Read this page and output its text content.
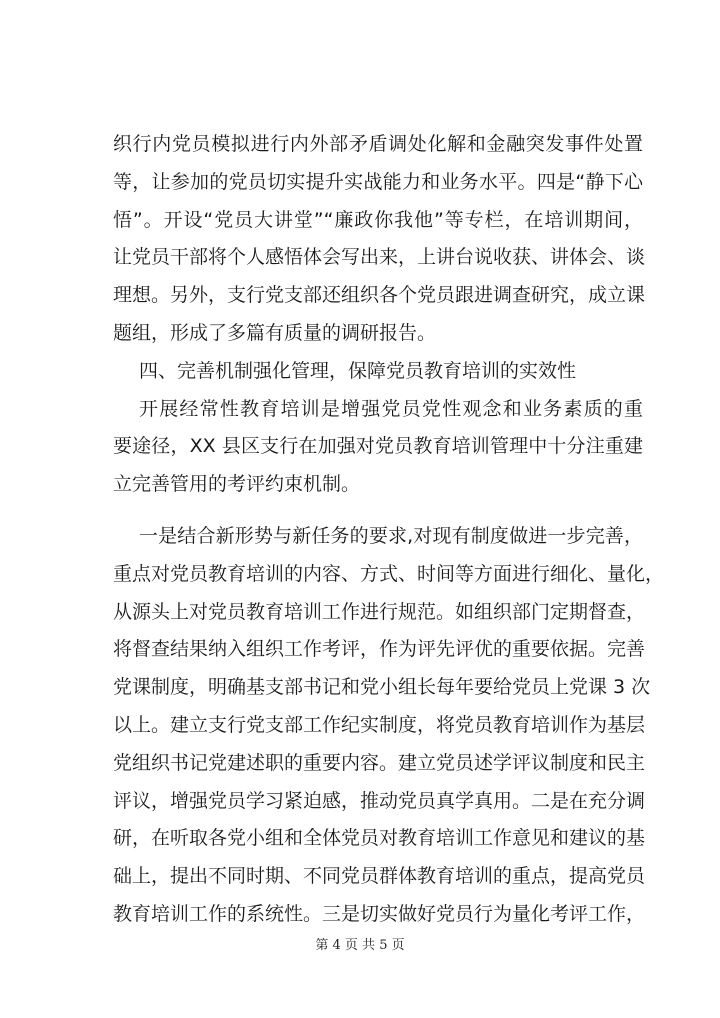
织行内党员模拟进行内外部矛盾调处化解和金融突发事件处置
等，让参加的党员切实提升实战能力和业务水平。四是“静下心
悟”。开设“党员大讲堂”“廉政你我他”等专栏，在培训期间，
让党员干部将个人感悟体会写出来，上讲台说收获、讲体会、谈
理想。另外，支行党支部还组织各个党员跟进调查研究，成立课
题组，形成了多篇有质量的调研报告。
四、完善机制强化管理，保障党员教育培训的实效性
开展经常性教育培训是增强党员党性观念和业务素质的重
要途径，XX 县区支行在加强对党员教育培训管理中十分注重建
立完善管用的考评约束机制。
一是结合新形势与新任务的要求,对现有制度做进一步完善，
重点对党员教育培训的内容、方式、时间等方面进行细化、量化，
从源头上对党员教育培训工作进行规范。如组织部门定期督查，
将督查结果纳入组织工作考评，作为评先评优的重要依据。完善
党课制度，明确基支部书记和党小组长每年要给党员上党课 3 次
以上。建立支行党支部工作纪实制度，将党员教育培训作为基层
党组织书记党建述职的重要内容。建立党员述学评议制度和民主
评议，增强党员学习紧迫感，推动党员真学真用。二是在充分调
研，在听取各党小组和全体党员对教育培训工作意见和建议的基
础上，提出不同时期、不同党员群体教育培训的重点，提高党员
教育培训工作的系统性。三是切实做好党员行为量化考评工作，
第 4 页 共 5 页
